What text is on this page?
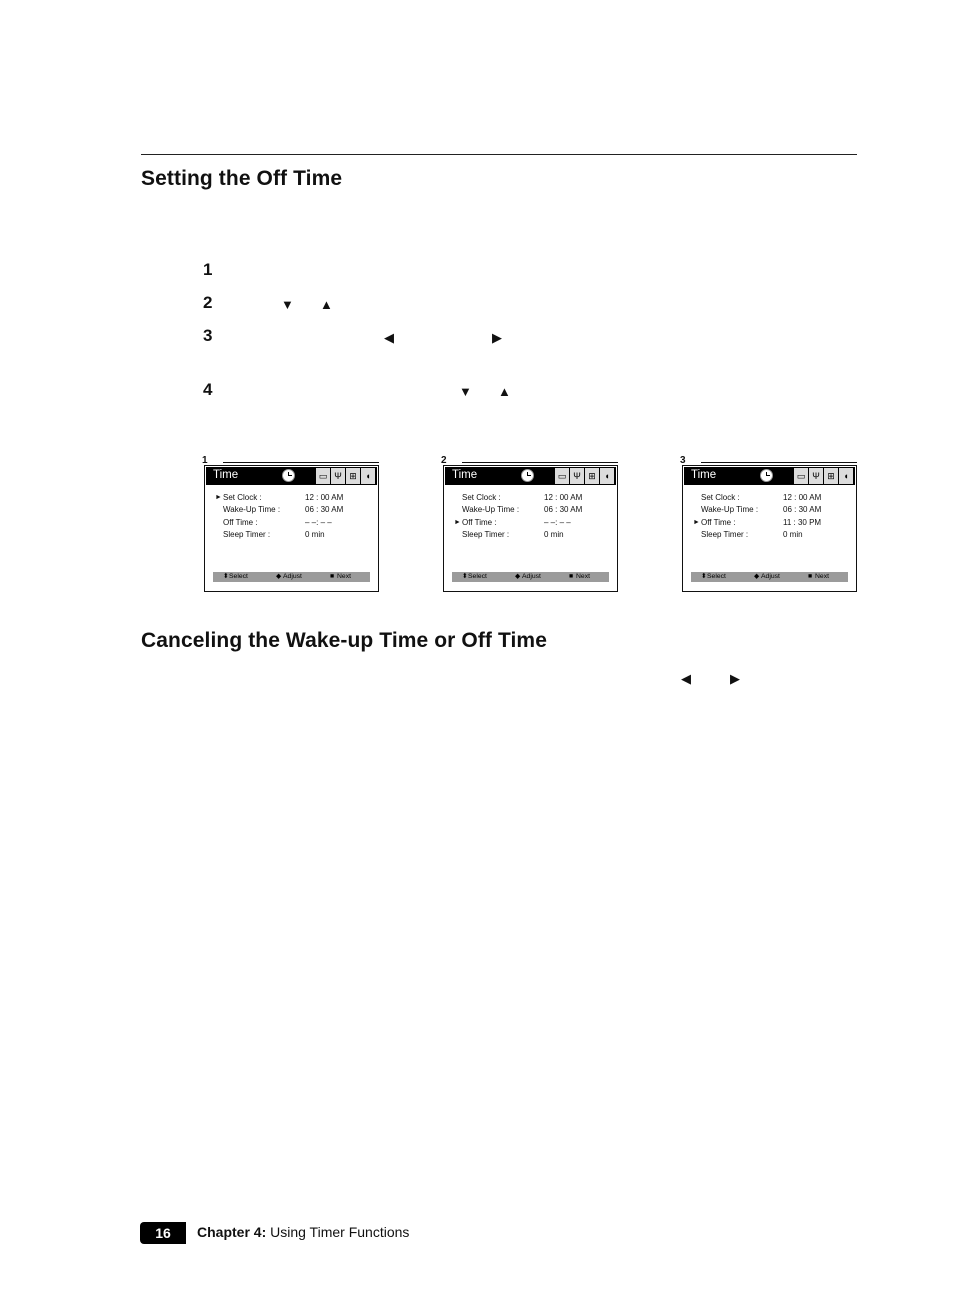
Setting the Off Time
1
2
3
4
▼ ▲
◀	▶
▼ ▲
1
Time	▭ Ψ ⊞ ◖
► Set Clock :	12 : 00 AM
Wake-Up Time :	06 : 30 AM
Off Time :	– –: – –
Sleep Timer :	0 min
⬍ Select	◆ Adjust	■ Next
2
Time	▭ Ψ ⊞ ◖
Set Clock :	12 : 00 AM
Wake-Up Time :	06 : 30 AM
► Off Time :	– –: – –
Sleep Timer :	0 min
⬍ Select	◆ Adjust	■ Next
3
Time	▭ Ψ ⊞ ◖
Set Clock :	12 : 00 AM
Wake-Up Time :	06 : 30 AM
► Off Time :	11 : 30 PM
Sleep Timer :	0 min
⬍ Select	◆ Adjust	■ Next
Canceling the Wake-up Time or Off Time
◀	▶
16	Chapter 4: Using Timer Functions
